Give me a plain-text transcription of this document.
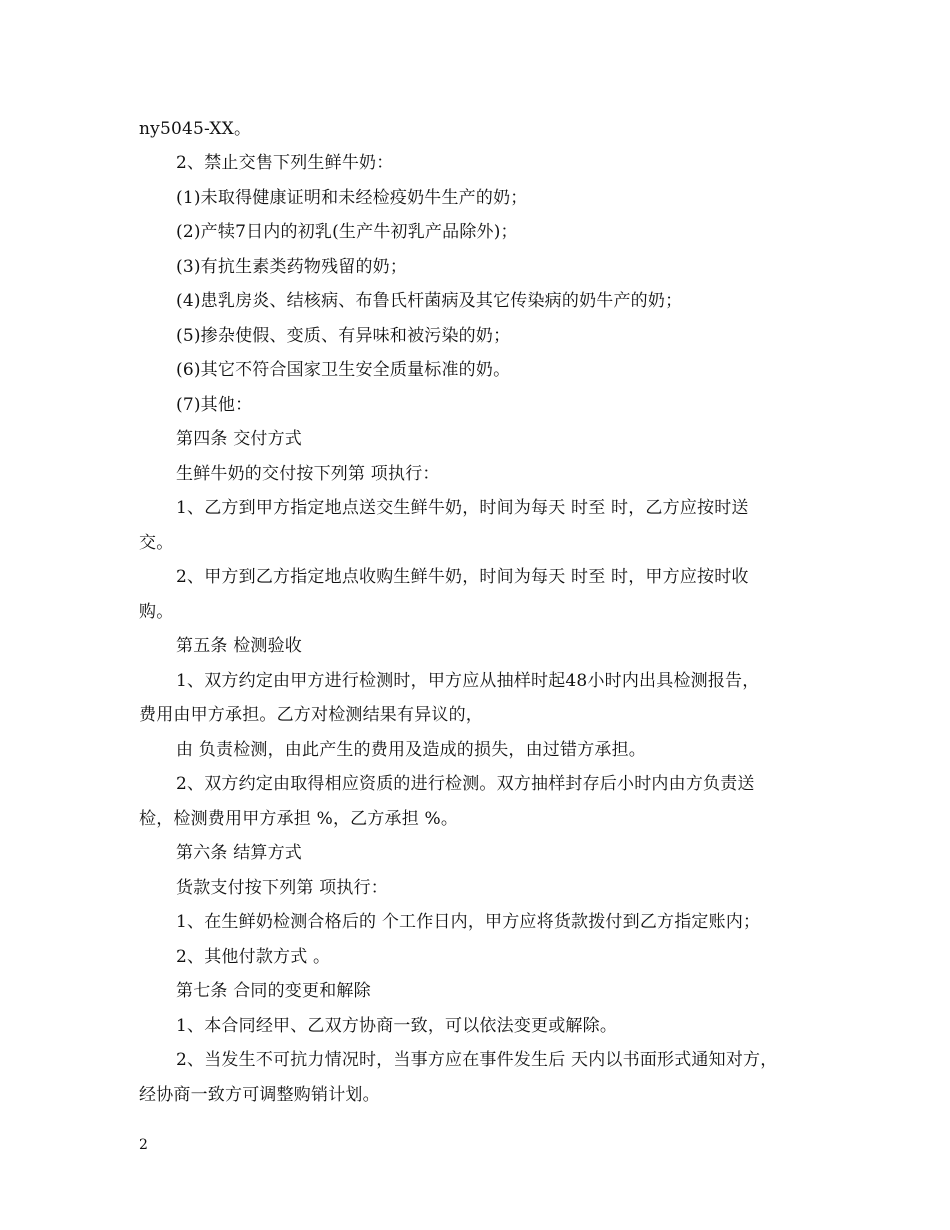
ny5045-XX。
2、禁止交售下列生鲜牛奶：
(1)未取得健康证明和未经检疫奶牛生产的奶；
(2)产犊7日内的初乳(生产牛初乳产品除外)；
(3)有抗生素类药物残留的奶；
(4)患乳房炎、结核病、布鲁氏杆菌病及其它传染病的奶牛产的奶；
(5)掺杂使假、变质、有异味和被污染的奶；
(6)其它不符合国家卫生安全质量标准的奶。
(7)其他：
第四条 交付方式
生鲜牛奶的交付按下列第 项执行：
1、乙方到甲方指定地点送交生鲜牛奶，时间为每天 时至 时，乙方应按时送
交。
2、甲方到乙方指定地点收购生鲜牛奶，时间为每天 时至 时，甲方应按时收
购。
第五条 检测验收
1、双方约定由甲方进行检测时，甲方应从抽样时起48小时内出具检测报告，
费用由甲方承担。乙方对检测结果有异议的，
由 负责检测，由此产生的费用及造成的损失，由过错方承担。
2、双方约定由取得相应资质的进行检测。双方抽样封存后小时内由方负责送
检，检测费用甲方承担 %，乙方承担 %。
第六条 结算方式
货款支付按下列第 项执行：
1、在生鲜奶检测合格后的 个工作日内，甲方应将货款拨付到乙方指定账内；
2、其他付款方式 。
第七条 合同的变更和解除
1、本合同经甲、乙双方协商一致，可以依法变更或解除。
2、当发生不可抗力情况时，当事方应在事件发生后 天内以书面形式通知对方，
经协商一致方可调整购销计划。
2
